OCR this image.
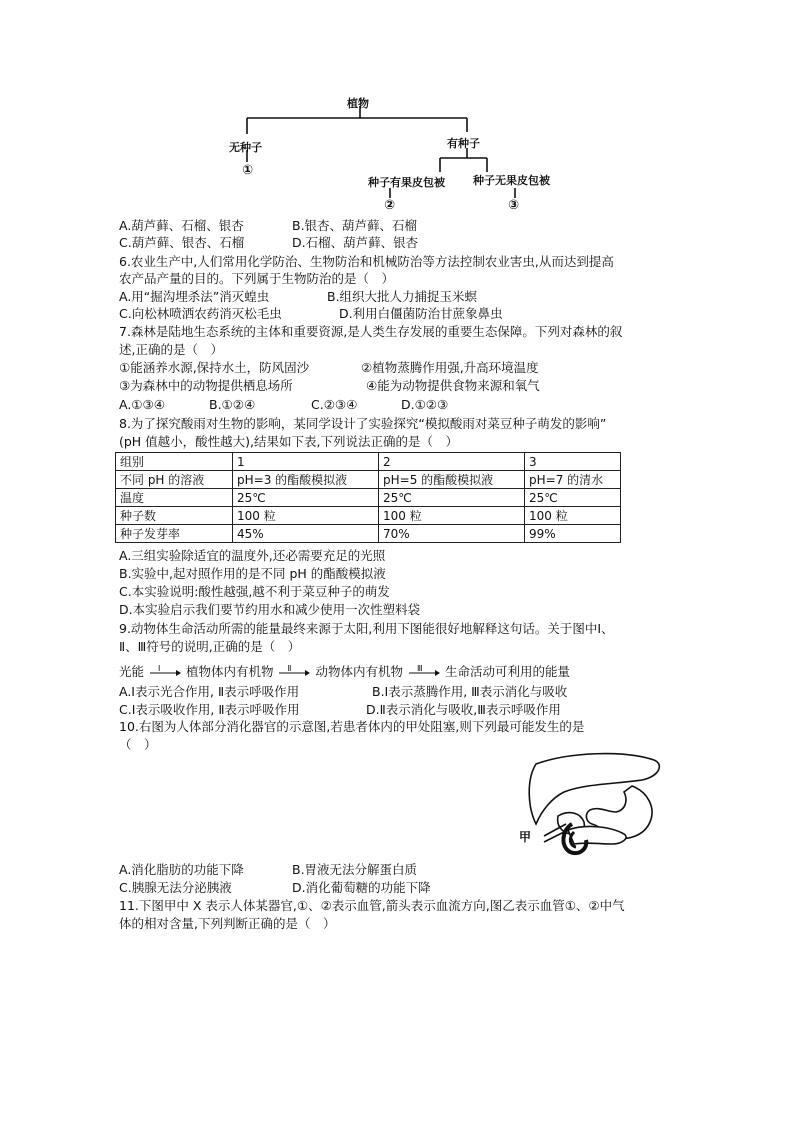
植物
无种子	有种子
①
种子有果皮包被	种子无果皮包被
②	③
A.葫芦藓、石榴、银杏	B.银杏、葫芦藓、石榴
C.葫芦藓、银杏、石榴	D.石榴、葫芦藓、银杏
6.农业生产中,人们常用化学防治、生物防治和机械防治等方法控制农业害虫,从而达到提高
农产品产量的目的。下列属于生物防治的是（　）
A.用“掘沟埋杀法”消灭蝗虫	B.组织大批人力捕捉玉米螟
C.向松林喷洒农药消灭松毛虫	D.利用白僵菌防治甘蔗象鼻虫
7.森林是陆地生态系统的主体和重要资源,是人类生存发展的重要生态保障。下列对森林的叙
述,正确的是（　）
①能涵养水源,保持水土，防风固沙	②植物蒸腾作用强,升高环境温度
③为森林中的动物提供栖息场所	④能为动物提供食物来源和氧气
A.①③④	B.①②④	C.②③④	D.①②③
8.为了探究酸雨对生物的影响，某同学设计了实验探究“模拟酸雨对菜豆种子萌发的影响”
(pH 值越小，酸性越大),结果如下表,下列说法正确的是（　）
组别	1	2	3
不同 pH 的溶液	pH=3 的酯酸模拟液	pH=5 的酯酸模拟液	pH=7 的清水
温度	25℃	25℃	25℃
种子数	100 粒	100 粒	100 粒
种子发芽率	45%	70%	99%
A.三组实验除适宜的温度外,还必需要充足的光照
B.实验中,起对照作用的是不同 pH 的酯酸模拟液
C.本实验说明:酸性越强,越不利于菜豆种子的萌发
D.本实验启示我们要节约用水和减少使用一次性塑料袋
9.动物体生命活动所需的能量最终来源于太阳,利用下图能很好地解释这句话。关于图中Ⅰ、
Ⅱ、Ⅲ符号的说明,正确的是（　）
光能 Ⅰ 植物体内有机物 Ⅱ 动物体内有机物 Ⅲ 生命活动可利用的能量
A.Ⅰ表示光合作用, Ⅱ表示呼吸作用	B.Ⅰ表示蒸腾作用, Ⅲ表示消化与吸收
C.Ⅰ表示吸收作用, Ⅱ表示呼吸作用	D.Ⅱ表示消化与吸收,Ⅲ表示呼吸作用
10.右图为人体部分消化器官的示意图,若患者体内的甲处阻塞,则下列最可能发生的是
（　）
甲
A.消化脂肪的功能下降	B.胃液无法分解蛋白质
C.胰腺无法分泌胰液	D.消化葡萄糖的功能下降
11.下图甲中 X 表示人体某器官,①、②表示血管,箭头表示血流方向,图乙表示血管①、②中气
体的相对含量,下列判断正确的是（　）
